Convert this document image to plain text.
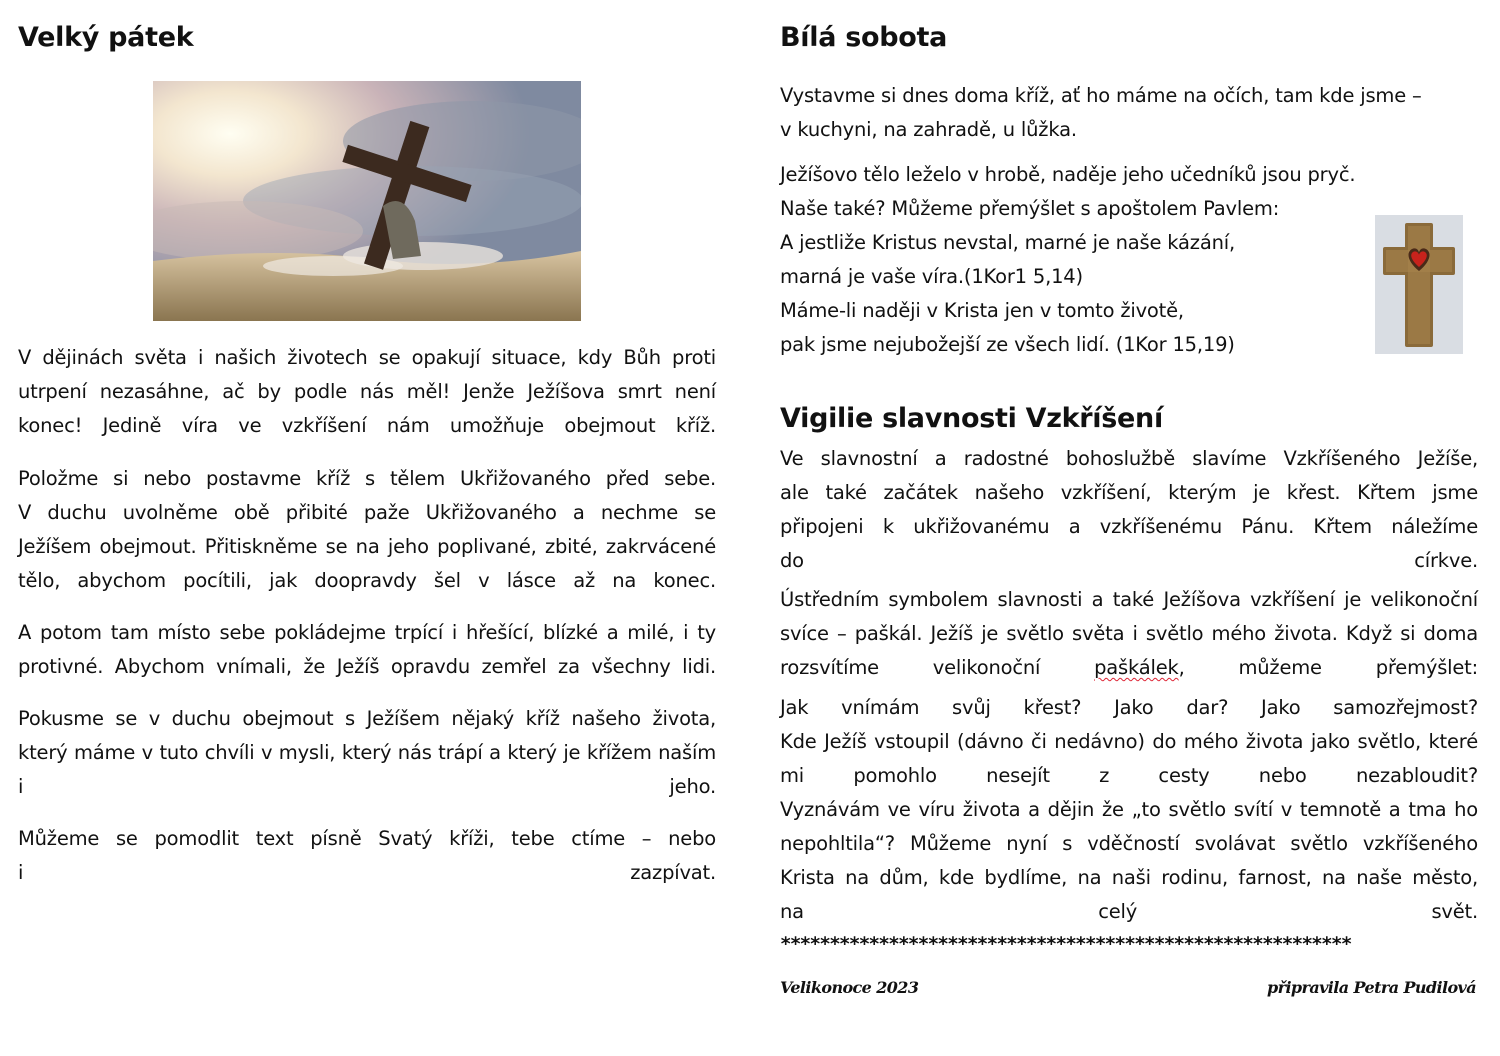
Velký pátek

V dějinách světa i našich životech se opakují situace, kdy Bůh proti
utrpení nezasáhne, ač by podle nás měl! Jenže Ježíšova smrt není
konec! Jedině víra ve vzkříšení nám umožňuje obejmout kříž.

Položme si nebo postavme kříž s tělem Ukřižovaného před sebe.
V duchu uvolněme obě přibité paže Ukřižovaného a nechme se
Ježíšem obejmout. Přitiskněme se na jeho poplivané, zbité, zakrvácené
tělo, abychom pocítili, jak doopravdy šel v lásce až na konec.

A potom tam místo sebe pokládejme trpící i hřešící, blízké a milé, i ty
protivné. Abychom vnímali, že Ježíš opravdu zemřel za všechny lidi.

Pokusme se v duchu obejmout s Ježíšem nějaký kříž našeho života,
který máme v tuto chvíli v mysli, který nás trápí a který je křížem naším
i jeho.

Můžeme se pomodlit text písně Svatý kříži, tebe ctíme – nebo
i zazpívat.

Bílá sobota

Vystavme si dnes doma kříž, ať ho máme na očích, tam kde jsme –
v kuchyni, na zahradě, u lůžka.

Ježíšovo tělo leželo v hrobě, naděje jeho učedníků jsou pryč.
Naše také? Můžeme přemýšlet s apoštolem Pavlem:
A jestliže Kristus nevstal, marné je naše kázání,
marná je vaše víra.(1Kor1 5,14)
Máme-li naději v Krista jen v tomto životě,
pak jsme nejubožejší ze všech lidí. (1Kor 15,19)

Vigilie slavnosti Vzkříšení

Ve slavnostní a radostné bohoslužbě slavíme Vzkříšeného Ježíše,
ale také začátek našeho vzkříšení, kterým je křest. Křtem jsme
připojeni k ukřižovanému a vzkříšenému Pánu. Křtem náležíme
do církve.

Ústředním symbolem slavnosti a také Ježíšova vzkříšení je velikonoční
svíce – paškál. Ježíš je světlo světa i světlo mého života. Když si doma
rozsvítíme velikonoční paškálek, můžeme přemýšlet:

Jak vnímám svůj křest? Jako dar? Jako samozřejmost?
Kde Ježíš vstoupil (dávno či nedávno) do mého života jako světlo, které
mi pomohlo nesejít z cesty nebo nezabloudit?
Vyznávám ve víru života a dějin že „to světlo svítí v temnotě a tma ho
nepohltila“? Můžeme nyní s vděčností svolávat světlo vzkříšeného
Krista na dům, kde bydlíme, na naši rodinu, farnost, na naše město,
na celý svět.

**********************************************************
Velikonoce 2023	připravila Petra Pudilová
